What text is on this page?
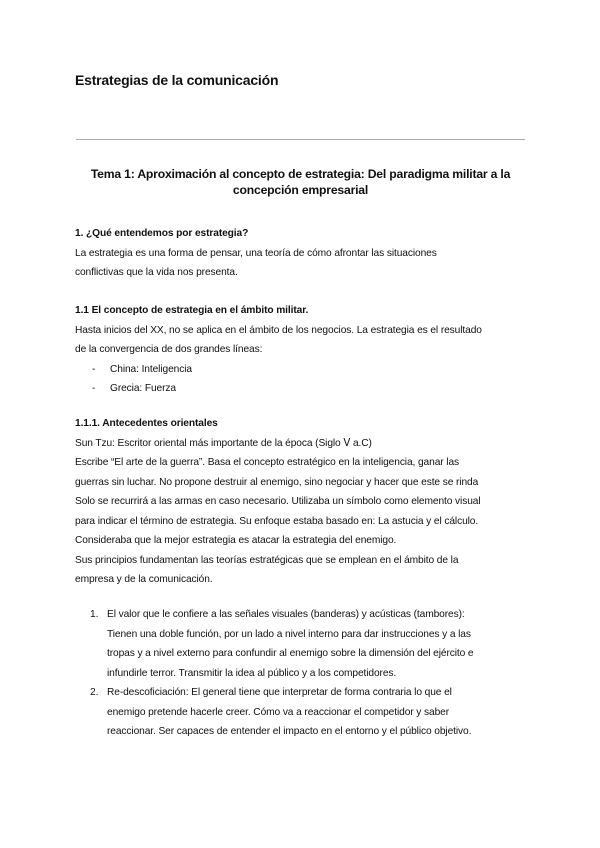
Estrategias de la comunicación
Tema 1: Aproximación al concepto de estrategia: Del paradigma militar a la
concepción empresarial
1. ¿Qué entendemos por estrategia?

La estrategia es una forma de pensar, una teoría de cómo afrontar las situaciones

conflictivas que la vida nos presenta.

1.1 El concepto de estrategia en el ámbito militar.

Hasta inicios del XX, no se aplica en el ámbito de los negocios. La estrategia es el resultado

de la convergencia de dos grandes líneas:

- China: Inteligencia
- Grecia: Fuerza
1.1.1. Antecedentes orientales

Sun Tzu: Escritor oriental más importante de la época (Siglo Ⅴ a.C)

Escribe “El arte de la guerra”. Basa el concepto estratégico en la inteligencia, ganar las

guerras sin luchar. No propone destruir al enemigo, sino negociar y hacer que este se rinda

Solo se recurrirá a las armas en caso necesario. Utilizaba un símbolo como elemento visual

para indicar el término de estrategia. Su enfoque estaba basado en: La astucia y el cálculo.

Consideraba que la mejor estrategia es atacar la estrategia del enemigo.

Sus principios fundamentan las teorías estratégicas que se emplean en el ámbito de la

empresa y de la comunicación.

1. El valor que le confiere a las señales visuales (banderas) y acústicas (tambores):
Tienen una doble función, por un lado a nivel interno para dar instrucciones y a las
tropas y a nivel externo para confundir al enemigo sobre la dimensión del ejército e
infundirle terror. Transmitir la idea al público y a los competidores.
2. Re-descoficiación: El general tiene que interpretar de forma contraria lo que el
enemigo pretende hacerle creer. Cómo va a reaccionar el competidor y saber
reaccionar. Ser capaces de entender el impacto en el entorno y el público objetivo.
